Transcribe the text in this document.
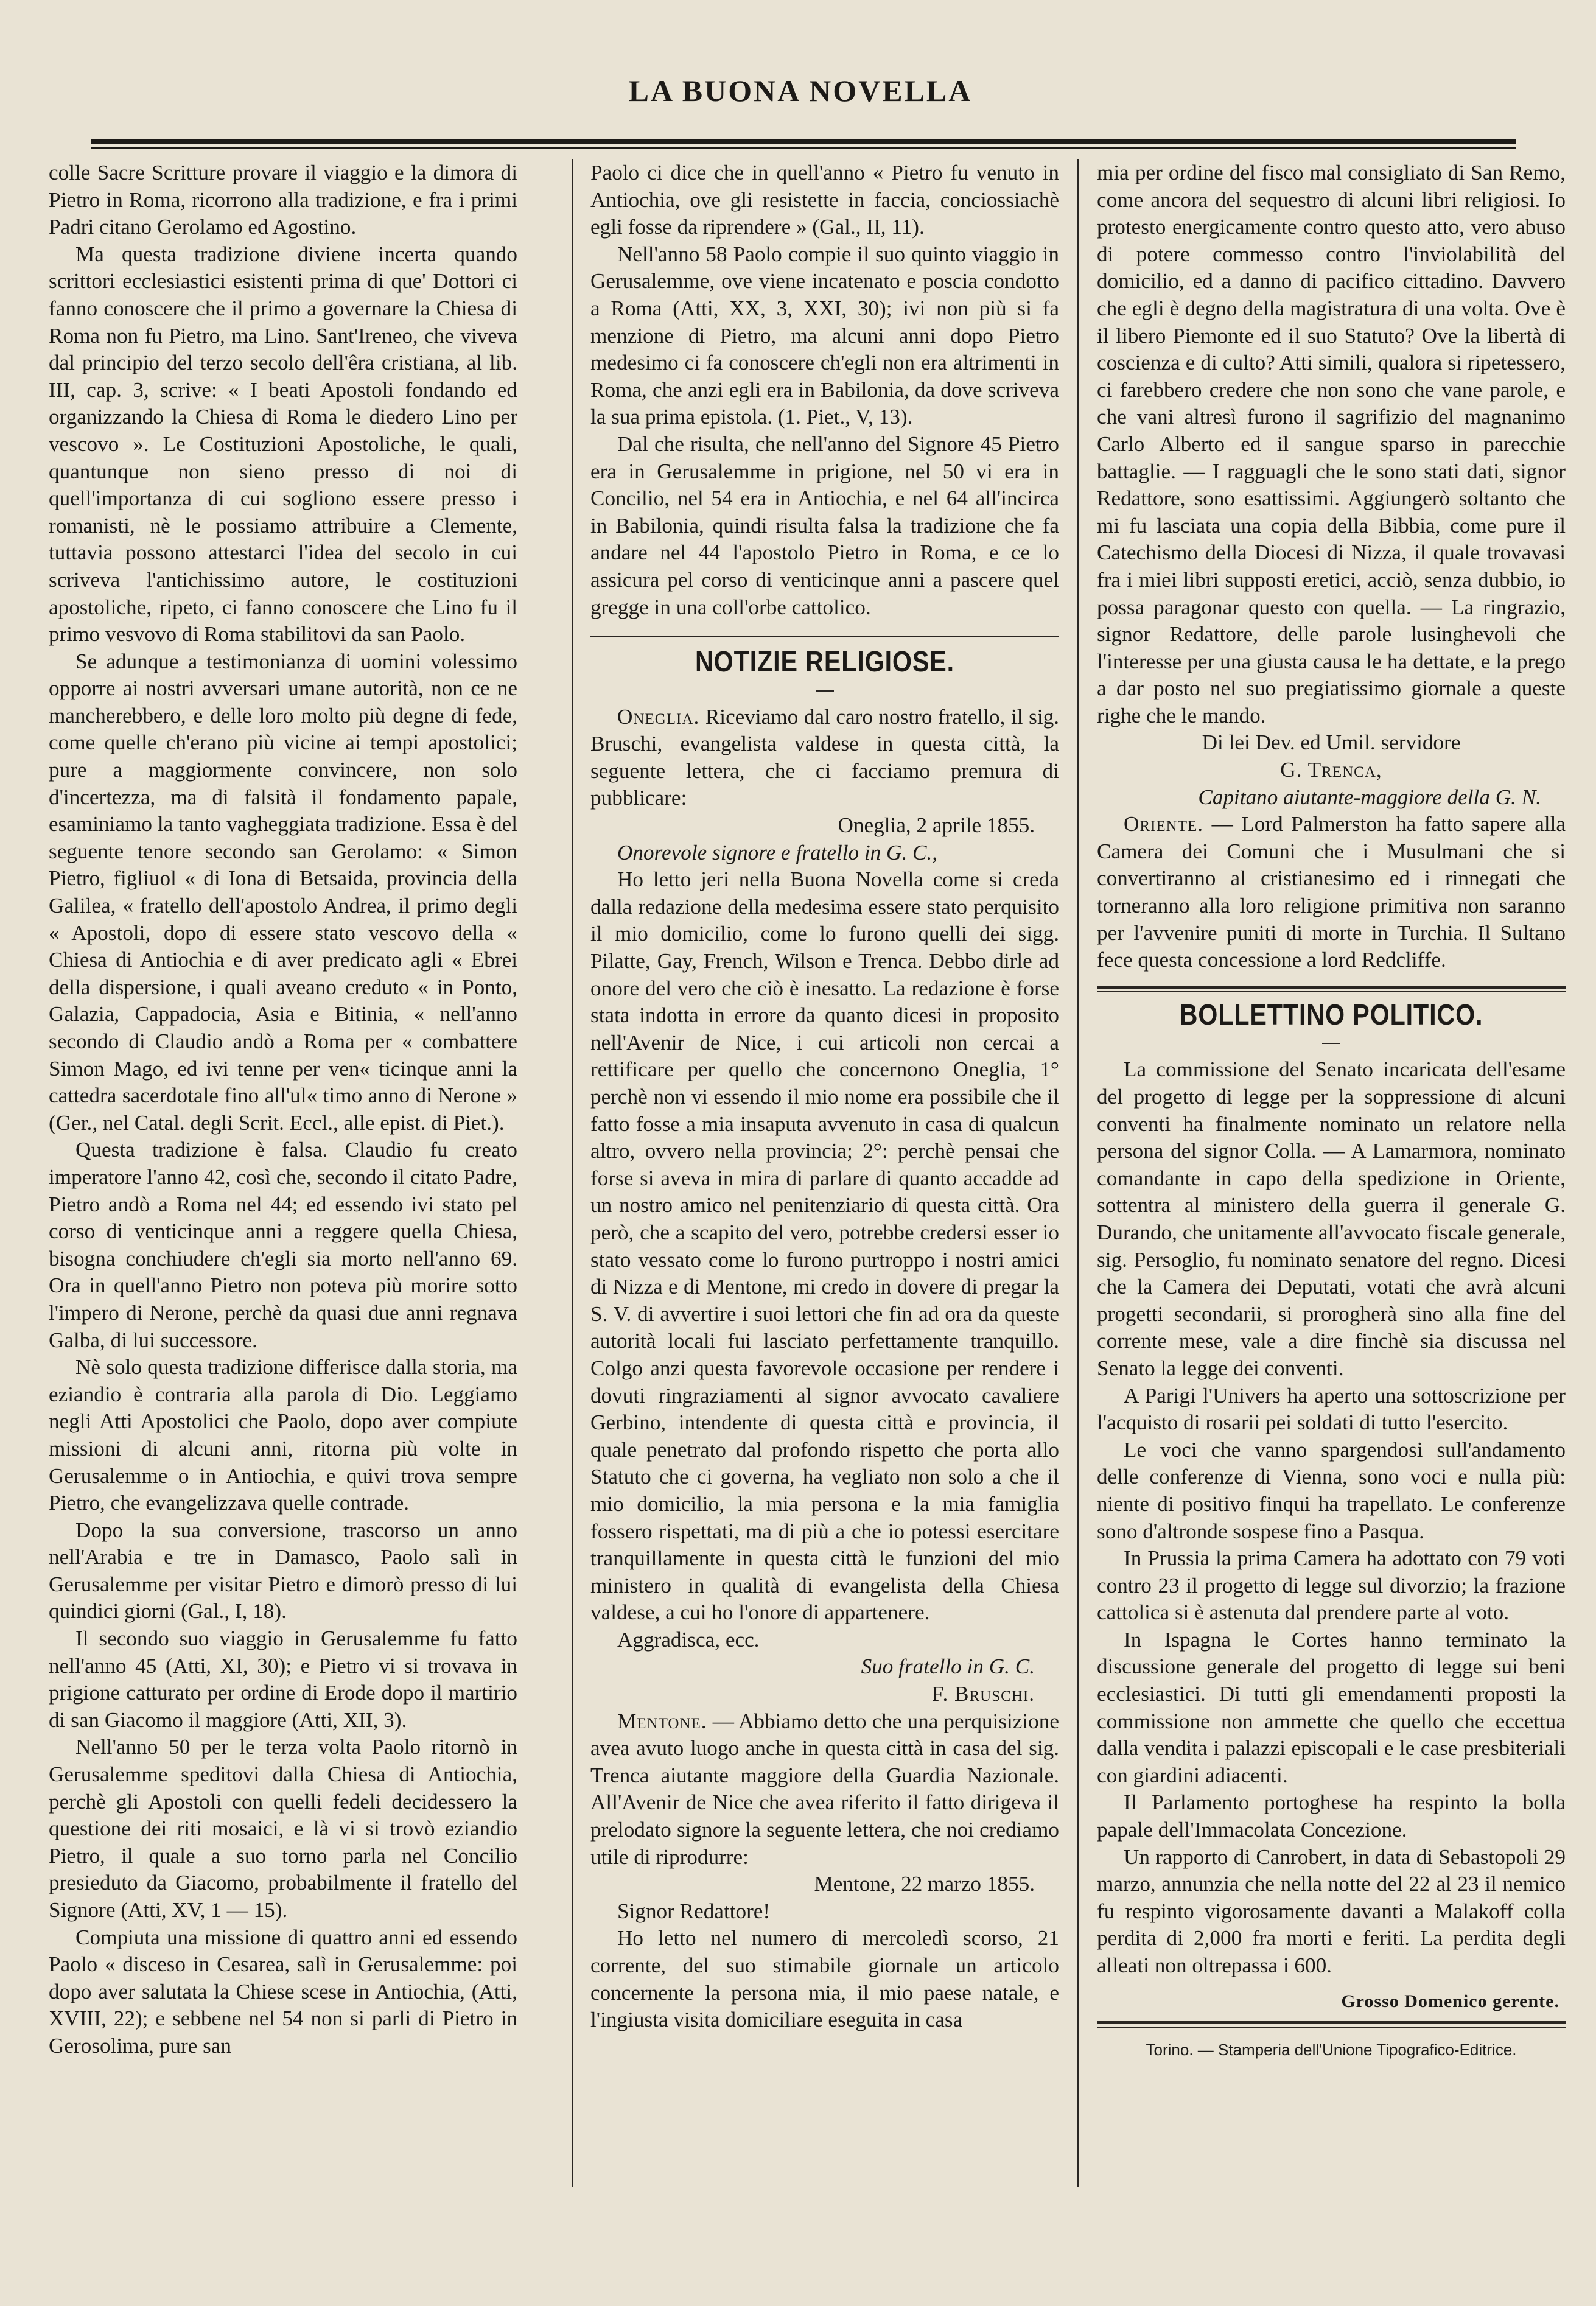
LA BUONA NOVELLA

colle Sacre Scritture provare il viaggio e la dimora di Pietro in Roma, ricorrono alla tradizione, e fra i primi Padri citano Gerolamo ed Agostino.

Ma questa tradizione diviene incerta quando scrittori ecclesiastici esistenti prima di que' Dottori ci fanno conoscere che il primo a governare la Chiesa di Roma non fu Pietro, ma Lino. Sant'Ireneo, che viveva dal principio del terzo secolo dell'êra cristiana, al lib. III, cap. 3, scrive: « I beati Apostoli fondando ed organizzando la Chiesa di Roma le diedero Lino per vescovo ». Le Costituzioni Apostoliche, le quali, quantunque non sieno presso di noi di quell'importanza di cui sogliono essere presso i romanisti, nè le possiamo attribuire a Clemente, tuttavia possono attestarci l'idea del secolo in cui scriveva l'antichissimo autore, le costituzioni apostoliche, ripeto, ci fanno conoscere che Lino fu il primo vesvovo di Roma stabilitovi da san Paolo.

Se adunque a testimonianza di uomini volessimo opporre ai nostri avversari umane autorità, non ce ne mancherebbero, e delle loro molto più degne di fede, come quelle ch'erano più vicine ai tempi apostolici; pure a maggiormente convincere, non solo d'incertezza, ma di falsità il fondamento papale, esaminiamo la tanto vagheggiata tradizione. Essa è del seguente tenore secondo san Gerolamo: « Simon Pietro, figliuol « di Iona di Betsaida, provincia della Galilea, « fratello dell'apostolo Andrea, il primo degli « Apostoli, dopo di essere stato vescovo della « Chiesa di Antiochia e di aver predicato agli « Ebrei della dispersione, i quali aveano creduto « in Ponto, Galazia, Cappadocia, Asia e Bitinia, « nell'anno secondo di Claudio andò a Roma per « combattere Simon Mago, ed ivi tenne per ven« ticinque anni la cattedra sacerdotale fino all'ul« timo anno di Nerone » (Ger., nel Catal. degli Scrit. Eccl., alle epist. di Piet.).

Questa tradizione è falsa. Claudio fu creato imperatore l'anno 42, così che, secondo il citato Padre, Pietro andò a Roma nel 44; ed essendo ivi stato pel corso di venticinque anni a reggere quella Chiesa, bisogna conchiudere ch'egli sia morto nell'anno 69. Ora in quell'anno Pietro non poteva più morire sotto l'impero di Nerone, perchè da quasi due anni regnava Galba, di lui successore.

Nè solo questa tradizione differisce dalla storia, ma eziandio è contraria alla parola di Dio. Leggiamo negli Atti Apostolici che Paolo, dopo aver compiute missioni di alcuni anni, ritorna più volte in Gerusalemme o in Antiochia, e quivi trova sempre Pietro, che evangelizzava quelle contrade.

Dopo la sua conversione, trascorso un anno nell'Arabia e tre in Damasco, Paolo salì in Gerusalemme per visitar Pietro e dimorò presso di lui quindici giorni (Gal., I, 18).

Il secondo suo viaggio in Gerusalemme fu fatto nell'anno 45 (Atti, XI, 30); e Pietro vi si trovava in prigione catturato per ordine di Erode dopo il martirio di san Giacomo il maggiore (Atti, XII, 3).

Nell'anno 50 per le terza volta Paolo ritornò in Gerusalemme speditovi dalla Chiesa di Antiochia, perchè gli Apostoli con quelli fedeli decidessero la questione dei riti mosaici, e là vi si trovò eziandio Pietro, il quale a suo torno parla nel Concilio presieduto da Giacomo, probabilmente il fratello del Signore (Atti, XV, 1 — 15).

Compiuta una missione di quattro anni ed essendo Paolo « disceso in Cesarea, salì in Gerusalemme: poi dopo aver salutata la Chiese scese in Antiochia, (Atti, XVIII, 22); e sebbene nel 54 non si parli di Pietro in Gerosolima, pure san

Paolo ci dice che in quell'anno « Pietro fu venuto in Antiochia, ove gli resistette in faccia, conciossiachè egli fosse da riprendere » (Gal., II, 11).

Nell'anno 58 Paolo compie il suo quinto viaggio in Gerusalemme, ove viene incatenato e poscia condotto a Roma (Atti, XX, 3, XXI, 30); ivi non più si fa menzione di Pietro, ma alcuni anni dopo Pietro medesimo ci fa conoscere ch'egli non era altrimenti in Roma, che anzi egli era in Babilonia, da dove scriveva la sua prima epistola. (1. Piet., V, 13).

Dal che risulta, che nell'anno del Signore 45 Pietro era in Gerusalemme in prigione, nel 50 vi era in Concilio, nel 54 era in Antiochia, e nel 64 all'incirca in Babilonia, quindi risulta falsa la tradizione che fa andare nel 44 l'apostolo Pietro in Roma, e ce lo assicura pel corso di venticinque anni a pascere quel gregge in una coll'orbe cattolico.

NOTIZIE RELIGIOSE.

Oneglia. Riceviamo dal caro nostro fratello, il sig. Bruschi, evangelista valdese in questa città, la seguente lettera, che ci facciamo premura di pubblicare:

Oneglia, 2 aprile 1855.

Onorevole signore e fratello in G. C.,

Ho letto jeri nella Buona Novella come si creda dalla redazione della medesima essere stato perquisito il mio domicilio, come lo furono quelli dei sigg. Pilatte, Gay, French, Wilson e Trenca. Debbo dirle ad onore del vero che ciò è inesatto. La redazione è forse stata indotta in errore da quanto dicesi in proposito nell'Avenir de Nice, i cui articoli non cercai a rettificare per quello che concernono Oneglia, 1° perchè non vi essendo il mio nome era possibile che il fatto fosse a mia insaputa avvenuto in casa di qualcun altro, ovvero nella provincia; 2°: perchè pensai che forse si aveva in mira di parlare di quanto accadde ad un nostro amico nel penitenziario di questa città. Ora però, che a scapito del vero, potrebbe credersi esser io stato vessato come lo furono purtroppo i nostri amici di Nizza e di Mentone, mi credo in dovere di pregar la S. V. di avvertire i suoi lettori che fin ad ora da queste autorità locali fui lasciato perfettamente tranquillo. Colgo anzi questa favorevole occasione per rendere i dovuti ringraziamenti al signor avvocato cavaliere Gerbino, intendente di questa città e provincia, il quale penetrato dal profondo rispetto che porta allo Statuto che ci governa, ha vegliato non solo a che il mio domicilio, la mia persona e la mia famiglia fossero rispettati, ma di più a che io potessi esercitare tranquillamente in questa città le funzioni del mio ministero in qualità di evangelista della Chiesa valdese, a cui ho l'onore di appartenere.

Aggradisca, ecc.

Suo fratello in G. C.

F. Bruschi.

Mentone. — Abbiamo detto che una perquisizione avea avuto luogo anche in questa città in casa del sig. Trenca aiutante maggiore della Guardia Nazionale. All'Avenir de Nice che avea riferito il fatto dirigeva il prelodato signore la seguente lettera, che noi crediamo utile di riprodurre:

Mentone, 22 marzo 1855.

Signor Redattore!

Ho letto nel numero di mercoledì scorso, 21 corrente, del suo stimabile giornale un articolo concernente la persona mia, il mio paese natale, e l'ingiusta visita domiciliare eseguita in casa

mia per ordine del fisco mal consigliato di San Remo, come ancora del sequestro di alcuni libri religiosi. Io protesto energicamente contro questo atto, vero abuso di potere commesso contro l'inviolabilità del domicilio, ed a danno di pacifico cittadino. Davvero che egli è degno della magistratura di una volta. Ove è il libero Piemonte ed il suo Statuto? Ove la libertà di coscienza e di culto? Atti simili, qualora si ripetessero, ci farebbero credere che non sono che vane parole, e che vani altresì furono il sagrifizio del magnanimo Carlo Alberto ed il sangue sparso in parecchie battaglie. — I ragguagli che le sono stati dati, signor Redattore, sono esattissimi. Aggiungerò soltanto che mi fu lasciata una copia della Bibbia, come pure il Catechismo della Diocesi di Nizza, il quale trovavasi fra i miei libri supposti eretici, acciò, senza dubbio, io possa paragonar questo con quella. — La ringrazio, signor Redattore, delle parole lusinghevoli che l'interesse per una giusta causa le ha dettate, e la prego a dar posto nel suo pregiatissimo giornale a queste righe che le mando.

Di lei Dev. ed Umil. servidore

G. Trenca,

Capitano aiutante-maggiore della G. N.

Oriente. — Lord Palmerston ha fatto sapere alla Camera dei Comuni che i Musulmani che si convertiranno al cristianesimo ed i rinnegati che torneranno alla loro religione primitiva non saranno per l'avvenire puniti di morte in Turchia. Il Sultano fece questa concessione a lord Redcliffe.

BOLLETTINO POLITICO.

La commissione del Senato incaricata dell'esame del progetto di legge per la soppressione di alcuni conventi ha finalmente nominato un relatore nella persona del signor Colla. — A Lamarmora, nominato comandante in capo della spedizione in Oriente, sottentra al ministero della guerra il generale G. Durando, che unitamente all'avvocato fiscale generale, sig. Persoglio, fu nominato senatore del regno. Dicesi che la Camera dei Deputati, votati che avrà alcuni progetti secondarii, si prorogherà sino alla fine del corrente mese, vale a dire finchè sia discussa nel Senato la legge dei conventi.

A Parigi l'Univers ha aperto una sottoscrizione per l'acquisto di rosarii pei soldati di tutto l'esercito.

Le voci che vanno spargendosi sull'andamento delle conferenze di Vienna, sono voci e nulla più: niente di positivo finqui ha trapellato. Le conferenze sono d'altronde sospese fino a Pasqua.

In Prussia la prima Camera ha adottato con 79 voti contro 23 il progetto di legge sul divorzio; la frazione cattolica si è astenuta dal prendere parte al voto.

In Ispagna le Cortes hanno terminato la discussione generale del progetto di legge sui beni ecclesiastici. Di tutti gli emendamenti proposti la commissione non ammette che quello che eccettua dalla vendita i palazzi episcopali e le case presbiteriali con giardini adiacenti.

Il Parlamento portoghese ha respinto la bolla papale dell'Immacolata Concezione.

Un rapporto di Canrobert, in data di Sebastopoli 29 marzo, annunzia che nella notte del 22 al 23 il nemico fu respinto vigorosamente davanti a Malakoff colla perdita di 2,000 fra morti e feriti. La perdita degli alleati non oltrepassa i 600.

Grosso Domenico gerente.
Torino. — Stamperia dell'Unione Tipografico-Editrice.
